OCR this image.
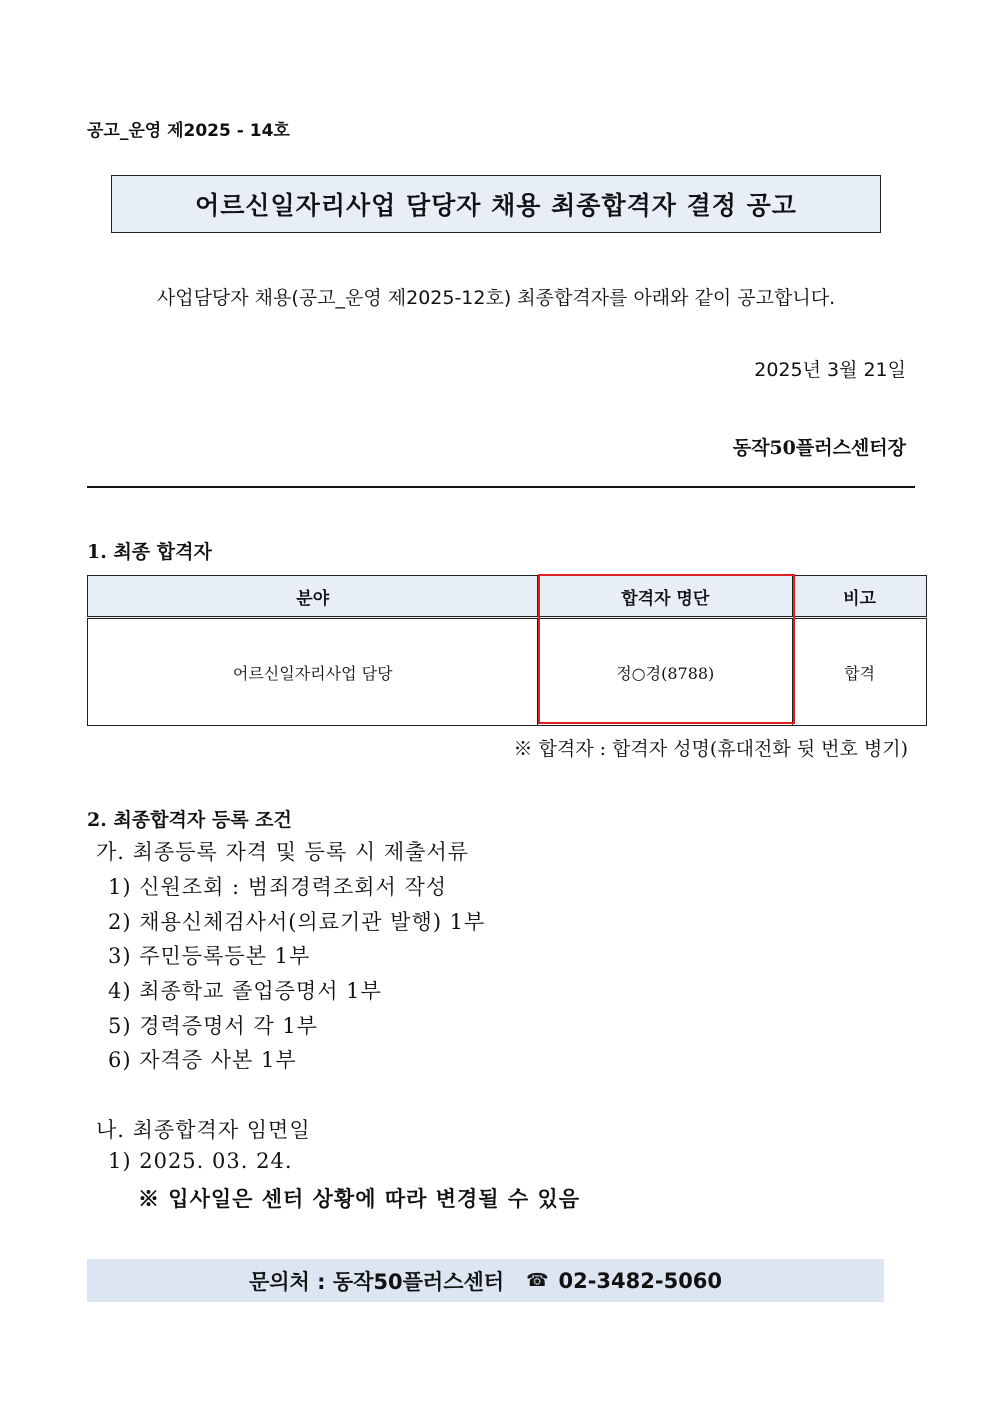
공고_운영 제2025 - 14호
어르신일자리사업 담당자 채용 최종합격자 결정 공고
사업담당자 채용(공고_운영 제2025-12호) 최종합격자를 아래와 같이 공고합니다.
2025년 3월 21일
동작50플러스센터장
1. 최종 합격자
분야	합격자 명단	비고
어르신일자리사업 담당	정○경(8788)	합격
※ 합격자 : 합격자 성명(휴대전화 뒷 번호 병기)
2. 최종합격자 등록 조건
가. 최종등록 자격 및 등록 시 제출서류
1) 신원조회 : 범죄경력조회서 작성
2) 채용신체검사서(의료기관 발행) 1부
3) 주민등록등본 1부
4) 최종학교 졸업증명서 1부
5) 경력증명서 각 1부
6) 자격증 사본 1부
나. 최종합격자 임면일
1) 2025. 03. 24.
※ 입사일은 센터 상황에 따라 변경될 수 있음
문의처 : 동작50플러스센터 ☎ 02-3482-5060
